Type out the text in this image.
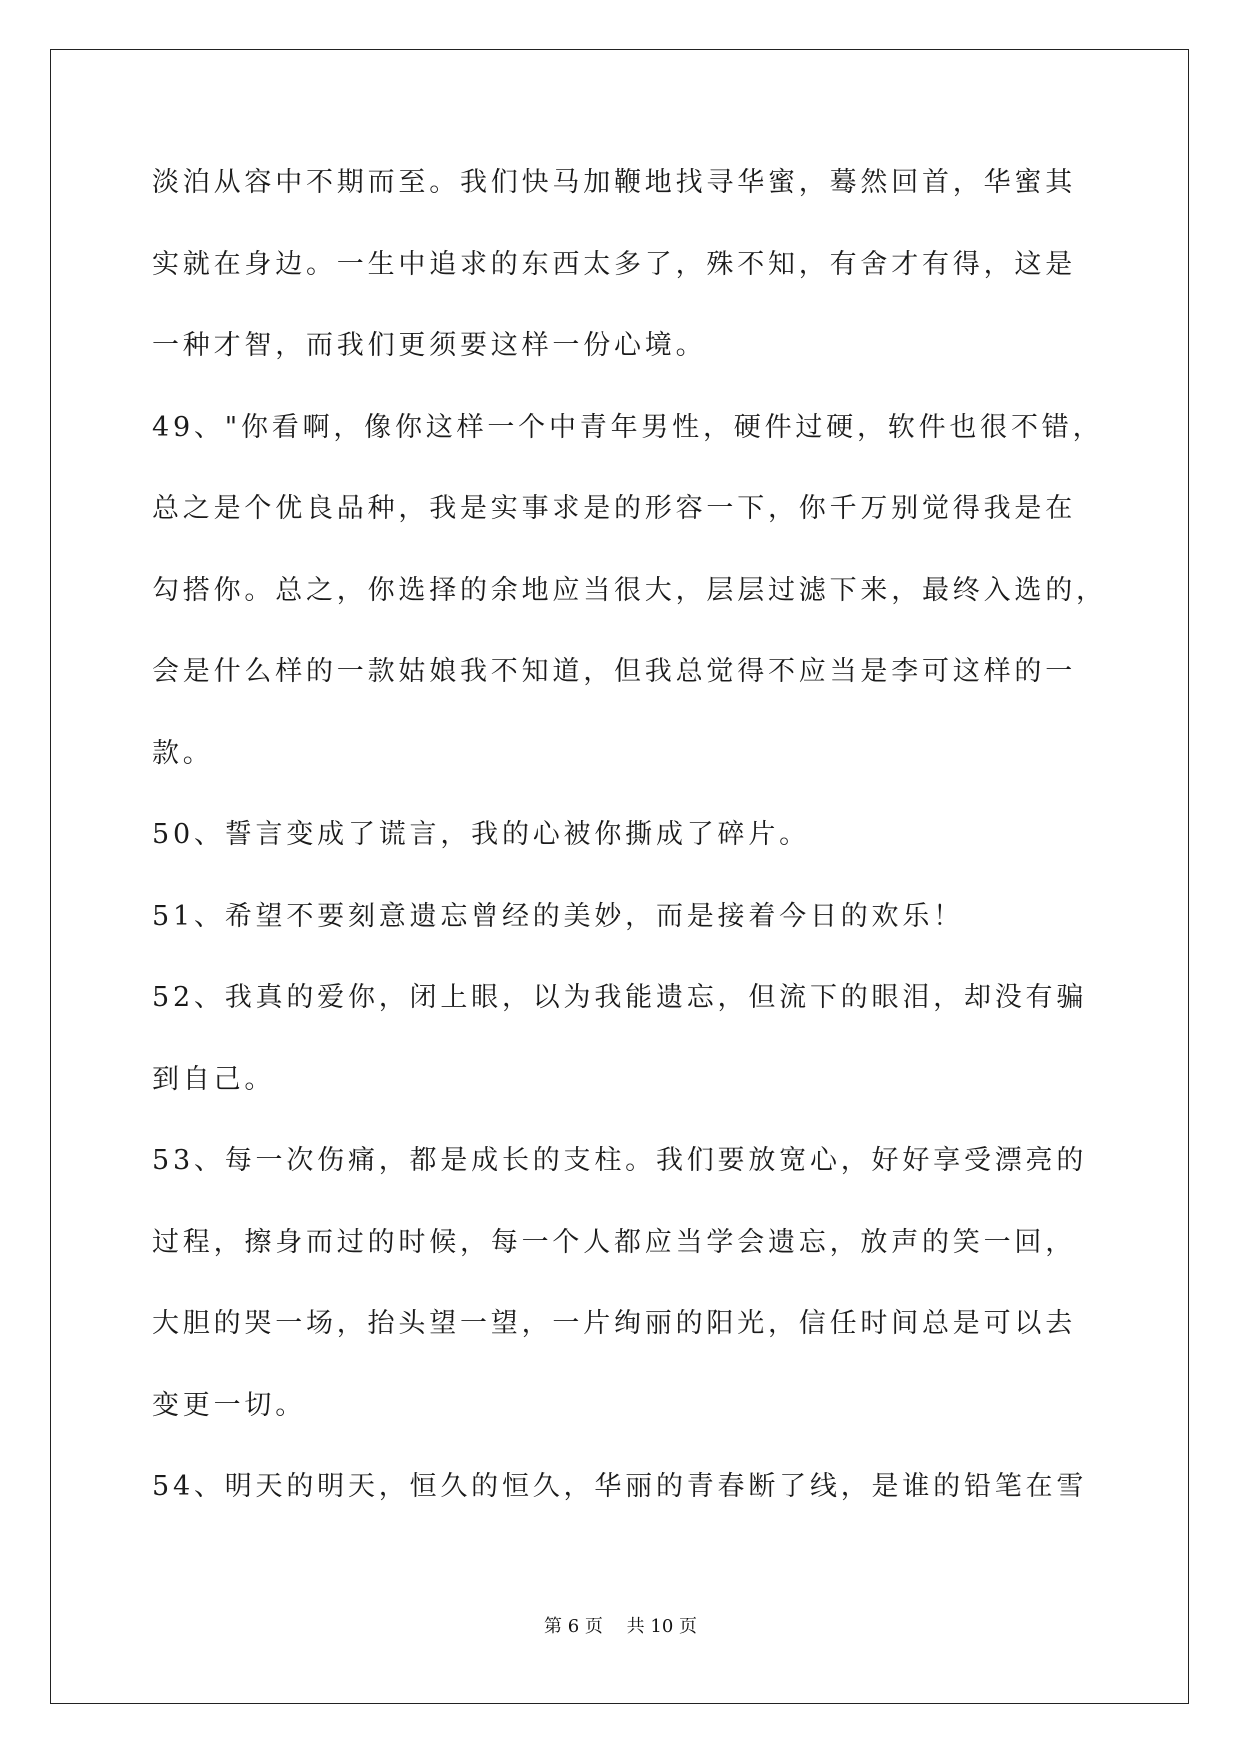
淡泊从容中不期而至。我们快马加鞭地找寻华蜜，蓦然回首，华蜜其
实就在身边。一生中追求的东西太多了，殊不知，有舍才有得，这是
一种才智，而我们更须要这样一份心境。
49、"你看啊，像你这样一个中青年男性，硬件过硬，软件也很不错，
总之是个优良品种，我是实事求是的形容一下，你千万别觉得我是在
勾搭你。总之，你选择的余地应当很大，层层过滤下来，最终入选的，
会是什么样的一款姑娘我不知道，但我总觉得不应当是李可这样的一
款。
50、誓言变成了谎言，我的心被你撕成了碎片。
51、希望不要刻意遗忘曾经的美妙，而是接着今日的欢乐！
52、我真的爱你，闭上眼，以为我能遗忘，但流下的眼泪，却没有骗
到自己。
53、每一次伤痛，都是成长的支柱。我们要放宽心，好好享受漂亮的
过程，擦身而过的时候，每一个人都应当学会遗忘，放声的笑一回，
大胆的哭一场，抬头望一望，一片绚丽的阳光，信任时间总是可以去
变更一切。
54、明天的明天，恒久的恒久，华丽的青春断了线，是谁的铅笔在雪
第 6 页 共 10 页
